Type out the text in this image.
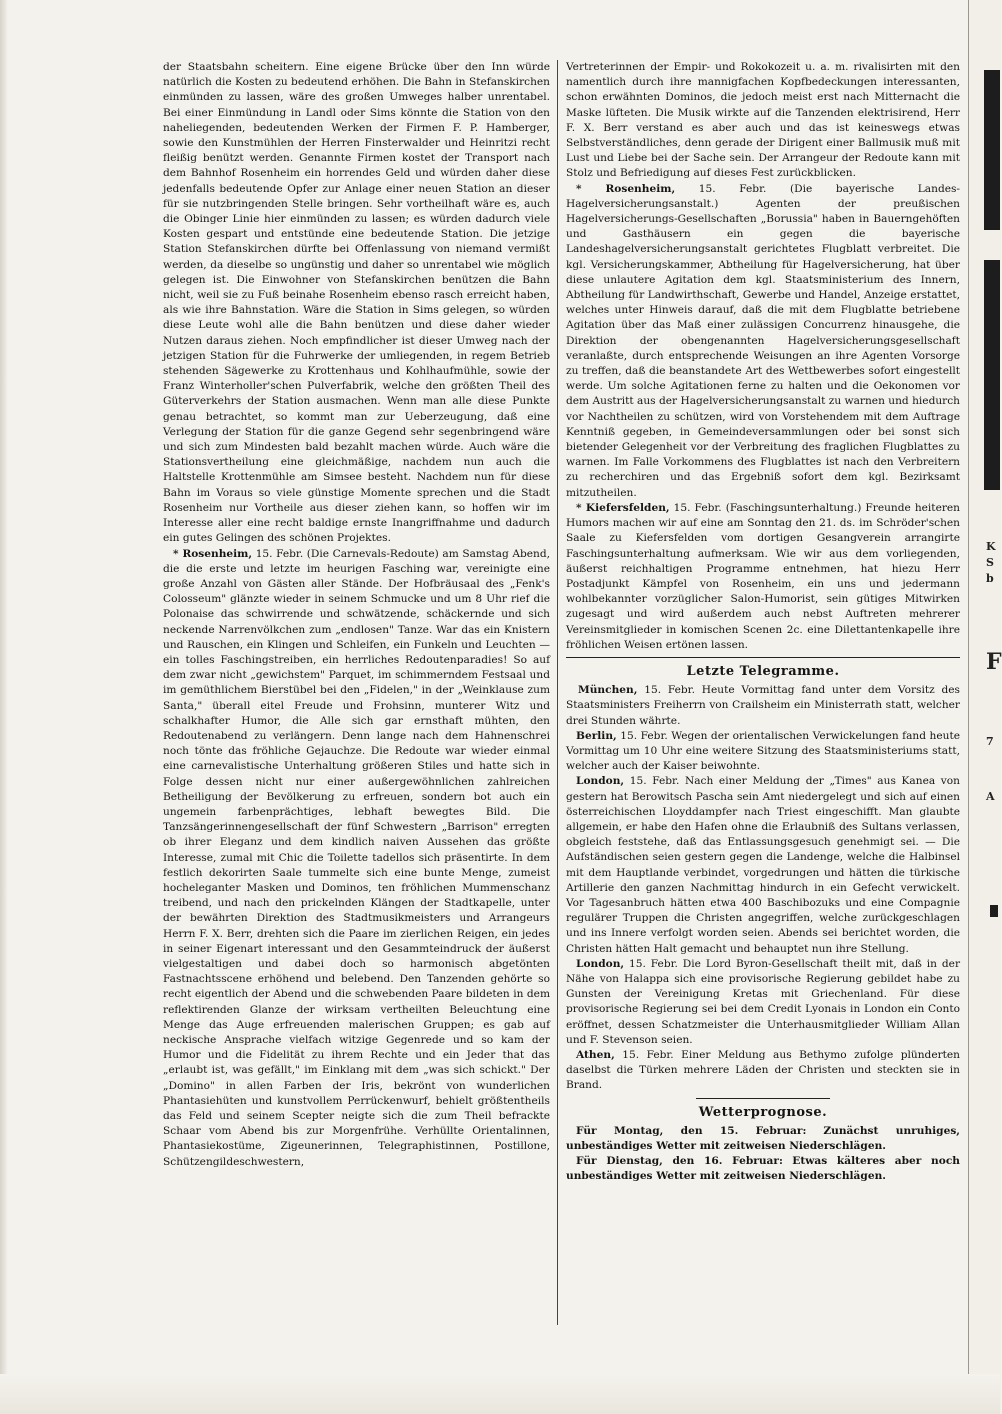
der Staatsbahn scheitern. Eine eigene Brücke über den Inn würde natürlich die Kosten zu bedeutend erhöhen. Die Bahn in Stefanskirchen einmünden zu lassen, wäre des großen Umweges halber unrentabel. Bei einer Einmündung in Landl oder Sims könnte die Station von den naheliegenden, bedeutenden Werken der Firmen F. P. Hamberger, sowie den Kunstmühlen der Herren Finsterwalder und Heinritzi recht fleißig benützt werden. Genannte Firmen kostet der Transport nach dem Bahnhof Rosenheim ein horrendes Geld und würden daher diese jedenfalls bedeutende Opfer zur Anlage einer neuen Station an dieser für sie nutzbringenden Stelle bringen. Sehr vortheilhaft wäre es, auch die Obinger Linie hier einmünden zu lassen; es würden dadurch viele Kosten gespart und entstünde eine bedeutende Station. Die jetzige Station Stefanskirchen dürfte bei Offenlassung von niemand vermißt werden, da dieselbe so ungünstig und daher so unrentabel wie möglich gelegen ist. Die Einwohner von Stefanskirchen benützen die Bahn nicht, weil sie zu Fuß beinahe Rosenheim ebenso rasch erreicht haben, als wie ihre Bahnstation. Wäre die Station in Sims gelegen, so würden diese Leute wohl alle die Bahn benützen und diese daher wieder Nutzen daraus ziehen. Noch empfindlicher ist dieser Umweg nach der jetzigen Station für die Fuhrwerke der umliegenden, in regem Betrieb stehenden Sägewerke zu Krottenhaus und Kohlhaufmühle, sowie der Franz Winterholler'schen Pulverfabrik, welche den größten Theil des Güterverkehrs der Station ausmachen. Wenn man alle diese Punkte genau betrachtet, so kommt man zur Ueberzeugung, daß eine Verlegung der Station für die ganze Gegend sehr segenbringend wäre und sich zum Mindesten bald bezahlt machen würde. Auch wäre die Stationsvertheilung eine gleichmäßige, nachdem nun auch die Haltstelle Krottenmühle am Simsee besteht. Nachdem nun für diese Bahn im Voraus so viele günstige Momente sprechen und die Stadt Rosenheim nur Vortheile aus dieser ziehen kann, so hoffen wir im Interesse aller eine recht baldige ernste Inangriffnahme und dadurch ein gutes Gelingen des schönen Projektes.

* Rosenheim, 15. Febr. (Die Carnevals-Redoute) am Samstag Abend, die die erste und letzte im heurigen Fasching war, vereinigte eine große Anzahl von Gästen aller Stände. Der Hofbräusaal des „Fenk's Colosseum" glänzte wieder in seinem Schmucke und um 8 Uhr rief die Polonaise das schwirrende und schwätzende, schäckernde und sich neckende Narrenvölkchen zum „endlosen" Tanze. War das ein Knistern und Rauschen, ein Klingen und Schleifen, ein Funkeln und Leuchten — ein tolles Faschingstreiben, ein herrliches Redoutenparadies! So auf dem zwar nicht „gewichstem" Parquet, im schimmerndem Festsaal und im gemüthlichem Bierstübel bei den „Fidelen," in der „Weinklause zum Santa," überall eitel Freude und Frohsinn, munterer Witz und schalkhafter Humor, die Alle sich gar ernsthaft mühten, den Redoutenabend zu verlängern. Denn lange nach dem Hahnenschrei noch tönte das fröhliche Gejauchze. Die Redoute war wieder einmal eine carnevalistische Unterhaltung größeren Stiles und hatte sich in Folge dessen nicht nur einer außergewöhnlichen zahlreichen Betheiligung der Bevölkerung zu erfreuen, sondern bot auch ein ungemein farbenprächtiges, lebhaft bewegtes Bild. Die Tanzsängerinnengesellschaft der fünf Schwestern „Barrison" erregten ob ihrer Eleganz und dem kindlich naiven Aussehen das größte Interesse, zumal mit Chic die Toilette tadellos sich präsentirte. In dem festlich dekorirten Saale tummelte sich eine bunte Menge, zumeist hocheleganter Masken und Dominos, ten fröhlichen Mummenschanz treibend, und nach den prickelnden Klängen der Stadtkapelle, unter der bewährten Direktion des Stadtmusikmeisters und Arrangeurs Herrn F. X. Berr, drehten sich die Paare im zierlichen Reigen, ein jedes in seiner Eigenart interessant und den Gesammteindruck der äußerst vielgestaltigen und dabei doch so harmonisch abgetönten Fastnachtsscene erhöhend und belebend. Den Tanzenden gehörte so recht eigentlich der Abend und die schwebenden Paare bildeten in dem reflektirenden Glanze der wirksam vertheilten Beleuchtung eine Menge das Auge erfreuenden malerischen Gruppen; es gab auf neckische Ansprache vielfach witzige Gegenrede und so kam der Humor und die Fidelität zu ihrem Rechte und ein Jeder that das „erlaubt ist, was gefällt," im Einklang mit dem „was sich schickt." Der „Domino" in allen Farben der Iris, bekrönt von wunderlichen Phantasiehüten und kunstvollem Perrückenwurf, behielt größtentheils das Feld und seinem Scepter neigte sich die zum Theil befrackte Schaar vom Abend bis zur Morgenfrühe. Verhüllte Orientalinnen, Phantasiekostüme, Zigeunerinnen, Telegraphistinnen, Postillone, Schützengildeschwestern,

Vertreterinnen der Empir- und Rokokozeit u. a. m. rivalisirten mit den namentlich durch ihre mannigfachen Kopfbedeckungen interessanten, schon erwähnten Dominos, die jedoch meist erst nach Mitternacht die Maske lüfteten. Die Musik wirkte auf die Tanzenden elektrisirend, Herr F. X. Berr verstand es aber auch und das ist keineswegs etwas Selbstverständliches, denn gerade der Dirigent einer Ballmusik muß mit Lust und Liebe bei der Sache sein. Der Arrangeur der Redoute kann mit Stolz und Befriedigung auf dieses Fest zurückblicken.

* Rosenheim, 15. Febr. (Die bayerische Landes-Hagelversicherungsanstalt.) Agenten der preußischen Hagelversicherungs-Gesellschaften „Borussia" haben in Bauerngehöften und Gasthäusern ein gegen die bayerische Landeshagelversicherungsanstalt gerichtetes Flugblatt verbreitet. Die kgl. Versicherungskammer, Abtheilung für Hagelversicherung, hat über diese unlautere Agitation dem kgl. Staatsministerium des Innern, Abtheilung für Landwirthschaft, Gewerbe und Handel, Anzeige erstattet, welches unter Hinweis darauf, daß die mit dem Flugblatte betriebene Agitation über das Maß einer zulässigen Concurrenz hinausgehe, die Direktion der obengenannten Hagelversicherungsgesellschaft veranlaßte, durch entsprechende Weisungen an ihre Agenten Vorsorge zu treffen, daß die beanstandete Art des Wettbewerbes sofort eingestellt werde. Um solche Agitationen ferne zu halten und die Oekonomen vor dem Austritt aus der Hagelversicherungsanstalt zu warnen und hiedurch vor Nachtheilen zu schützen, wird von Vorstehendem mit dem Auftrage Kenntniß gegeben, in Gemeindeversammlungen oder bei sonst sich bietender Gelegenheit vor der Verbreitung des fraglichen Flugblattes zu warnen. Im Falle Vorkommens des Flugblattes ist nach den Verbreitern zu recherchiren und das Ergebniß sofort dem kgl. Bezirksamt mitzutheilen.

* Kiefersfelden, 15. Febr. (Faschingsunterhaltung.) Freunde heiteren Humors machen wir auf eine am Sonntag den 21. ds. im Schröder'schen Saale zu Kiefersfelden vom dortigen Gesangverein arrangirte Faschingsunterhaltung aufmerksam. Wie wir aus dem vorliegenden, äußerst reichhaltigen Programme entnehmen, hat hiezu Herr Postadjunkt Kämpfel von Rosenheim, ein uns und jedermann wohlbekannter vorzüglicher Salon-Humorist, sein gütiges Mitwirken zugesagt und wird außerdem auch nebst Auftreten mehrerer Vereinsmitglieder in komischen Scenen 2c. eine Dilettantenkapelle ihre fröhlichen Weisen ertönen lassen.

Letzte Telegramme.

München, 15. Febr. Heute Vormittag fand unter dem Vorsitz des Staatsministers Freiherrn von Crailsheim ein Ministerrath statt, welcher drei Stunden währte.

Berlin, 15. Febr. Wegen der orientalischen Verwickelungen fand heute Vormittag um 10 Uhr eine weitere Sitzung des Staatsministeriums statt, welcher auch der Kaiser beiwohnte.

London, 15. Febr. Nach einer Meldung der „Times" aus Kanea von gestern hat Berowitsch Pascha sein Amt niedergelegt und sich auf einen österreichischen Lloyddampfer nach Triest eingeschifft. Man glaubte allgemein, er habe den Hafen ohne die Erlaubniß des Sultans verlassen, obgleich feststehe, daß das Entlassungsgesuch genehmigt sei. — Die Aufständischen seien gestern gegen die Landenge, welche die Halbinsel mit dem Hauptlande verbindet, vorgedrungen und hätten die türkische Artillerie den ganzen Nachmittag hindurch in ein Gefecht verwickelt. Vor Tagesanbruch hätten etwa 400 Baschibozuks und eine Compagnie regulärer Truppen die Christen angegriffen, welche zurückgeschlagen und ins Innere verfolgt worden seien. Abends sei berichtet worden, die Christen hätten Halt gemacht und behauptet nun ihre Stellung.

London, 15. Febr. Die Lord Byron-Gesellschaft theilt mit, daß in der Nähe von Halappa sich eine provisorische Regierung gebildet habe zu Gunsten der Vereinigung Kretas mit Griechenland. Für diese provisorische Regierung sei bei dem Credit Lyonais in London ein Conto eröffnet, dessen Schatzmeister die Unterhausmitglieder William Allan und F. Stevenson seien.

Athen, 15. Febr. Einer Meldung aus Bethymo zufolge plünderten daselbst die Türken mehrere Läden der Christen und steckten sie in Brand.

Wetterprognose.

Für Montag, den 15. Februar: Zunächst unruhiges, unbeständiges Wetter mit zeitweisen Niederschlägen.

Für Dienstag, den 16. Februar: Etwas kälteres aber noch unbeständiges Wetter mit zeitweisen Niederschlägen.

K
S
b
F
7
A
